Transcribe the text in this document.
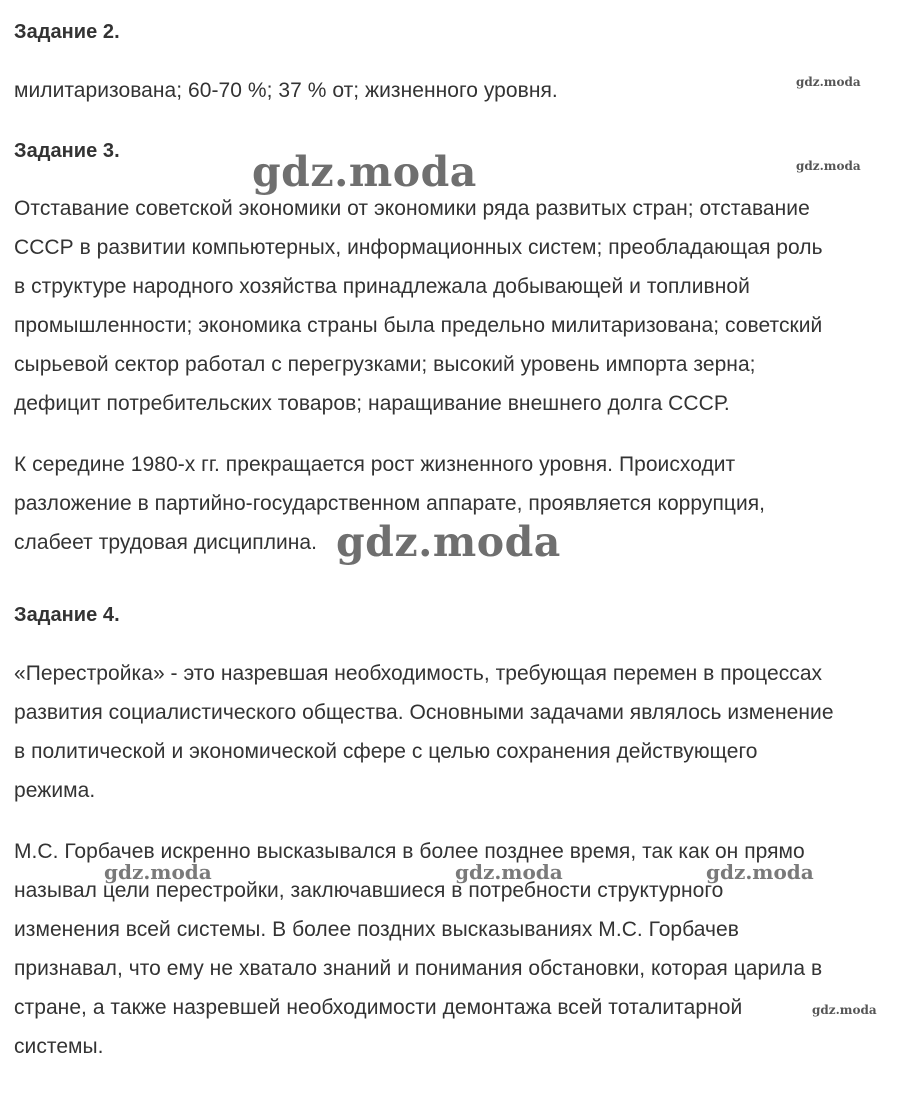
Задание 2.
милитаризована; 60-70 %; 37 % от; жизненного уровня.
Задание 3.
Отставание советской экономики от экономики ряда развитых стран; отставание
СССР в развитии компьютерных, информационных систем; преобладающая роль
в структуре народного хозяйства принадлежала добывающей и топливной
промышленности; экономика страны была предельно милитаризована; советский
сырьевой сектор работал с перегрузками; высокий уровень импорта зерна;
дефицит потребительских товаров; наращивание внешнего долга СССР.
К середине 1980-х гг. прекращается рост жизненного уровня. Происходит
разложение в партийно-государственном аппарате, проявляется коррупция,
слабеет трудовая дисциплина.
Задание 4.
«Перестройка» - это назревшая необходимость, требующая перемен в процессах
развития социалистического общества. Основными задачами являлось изменение
в политической и экономической сфере с целью сохранения действующего
режима.
М.С. Горбачев искренно высказывался в более позднее время, так как он прямо
называл цели перестройки, заключавшиеся в потребности структурного
изменения всей системы. В более поздних высказываниях М.С. Горбачев
признавал, что ему не хватало знаний и понимания обстановки, которая царила в
стране, а также назревшей необходимости демонтажа всей тоталитарной
системы.
gdz.moda
gdz.moda
gdz.moda
gdz.moda
gdz.moda	gdz.moda	gdz.moda
gdz.moda
